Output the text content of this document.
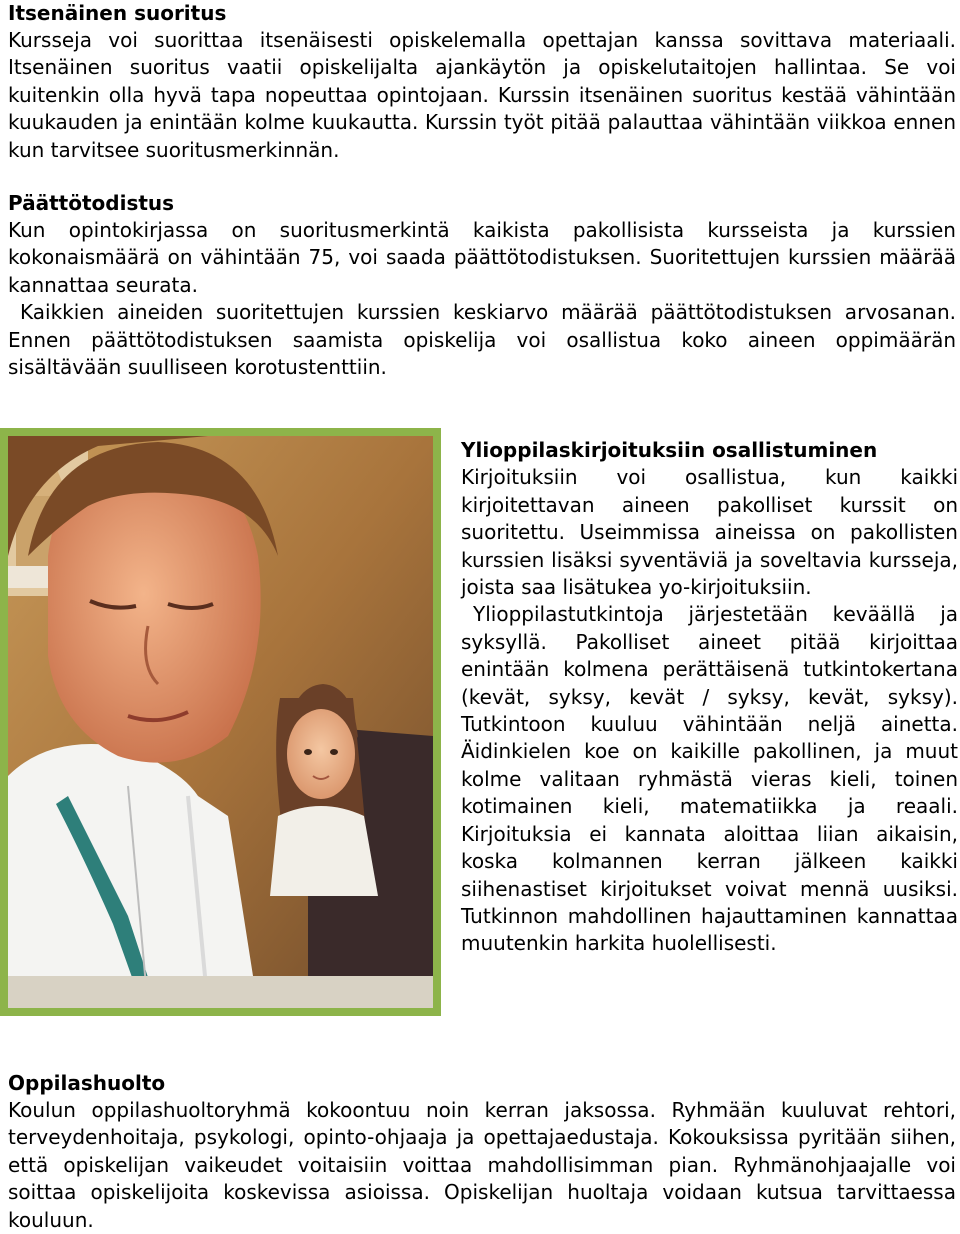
Itsenäinen suoritus

Kursseja voi suorittaa itsenäisesti opiskelemalla opettajan kanssa sovittava materiaali. Itsenäinen suoritus vaatii opiskelijalta ajankäytön ja opiskelutaitojen hallintaa. Se voi kuitenkin olla hyvä tapa nopeuttaa opintojaan. Kurssin itsenäinen suoritus kestää vähintään kuukauden ja enintään kolme kuukautta. Kurssin työt pitää palauttaa vähintään viikkoa ennen kun tarvitsee suoritusmerkinnän.

Päättötodistus

Kun opintokirjassa on suoritusmerkintä kaikista pakollisista kursseista ja kurssien kokonaismäärä on vähintään 75, voi saada päättötodistuksen. Suoritettujen kurssien määrää kannattaa seurata.

Kaikkien aineiden suoritettujen kurssien keskiarvo määrää päättötodistuksen arvosanan. Ennen päättötodistuksen saamista opiskelija voi osallistua koko aineen oppimäärän sisältävään suulliseen korotustenttiin.

Ylioppilaskirjoituksiin osallistuminen

Kirjoituksiin voi osallistua, kun kaikki kirjoitettavan aineen pakolliset kurssit on suoritettu. Useimmissa aineissa on pakollisten kurssien lisäksi syventäviä ja soveltavia kursseja, joista saa lisätukea yo-kirjoituksiin.

Ylioppilastutkintoja järjestetään keväällä ja syksyllä. Pakolliset aineet pitää kirjoittaa enintään kolmena perättäisenä tutkintokertana (kevät, syksy, kevät / syksy, kevät, syksy). Tutkintoon kuuluu vähintään neljä ainetta. Äidinkielen koe on kaikille pakollinen, ja muut kolme valitaan ryhmästä vieras kieli, toinen kotimainen kieli, matematiikka ja reaali. Kirjoituksia ei kannata aloittaa liian aikaisin, koska kolmannen kerran jälkeen kaikki siihenastiset kirjoitukset voivat mennä uusiksi. Tutkinnon mahdollinen hajauttaminen kannattaa muutenkin harkita huolellisesti.

Oppilashuolto

Koulun oppilashuoltoryhmä kokoontuu noin kerran jaksossa. Ryhmään kuuluvat rehtori, terveydenhoitaja, psykologi, opinto-ohjaaja ja opettajaedustaja. Kokouksissa pyritään siihen, että opiskelijan vaikeudet voitaisiin voittaa mahdollisimman pian. Ryhmänohjaajalle voi soittaa opiskelijoita koskevissa asioissa. Opiskelijan huoltaja voidaan kutsua tarvittaessa kouluun.
